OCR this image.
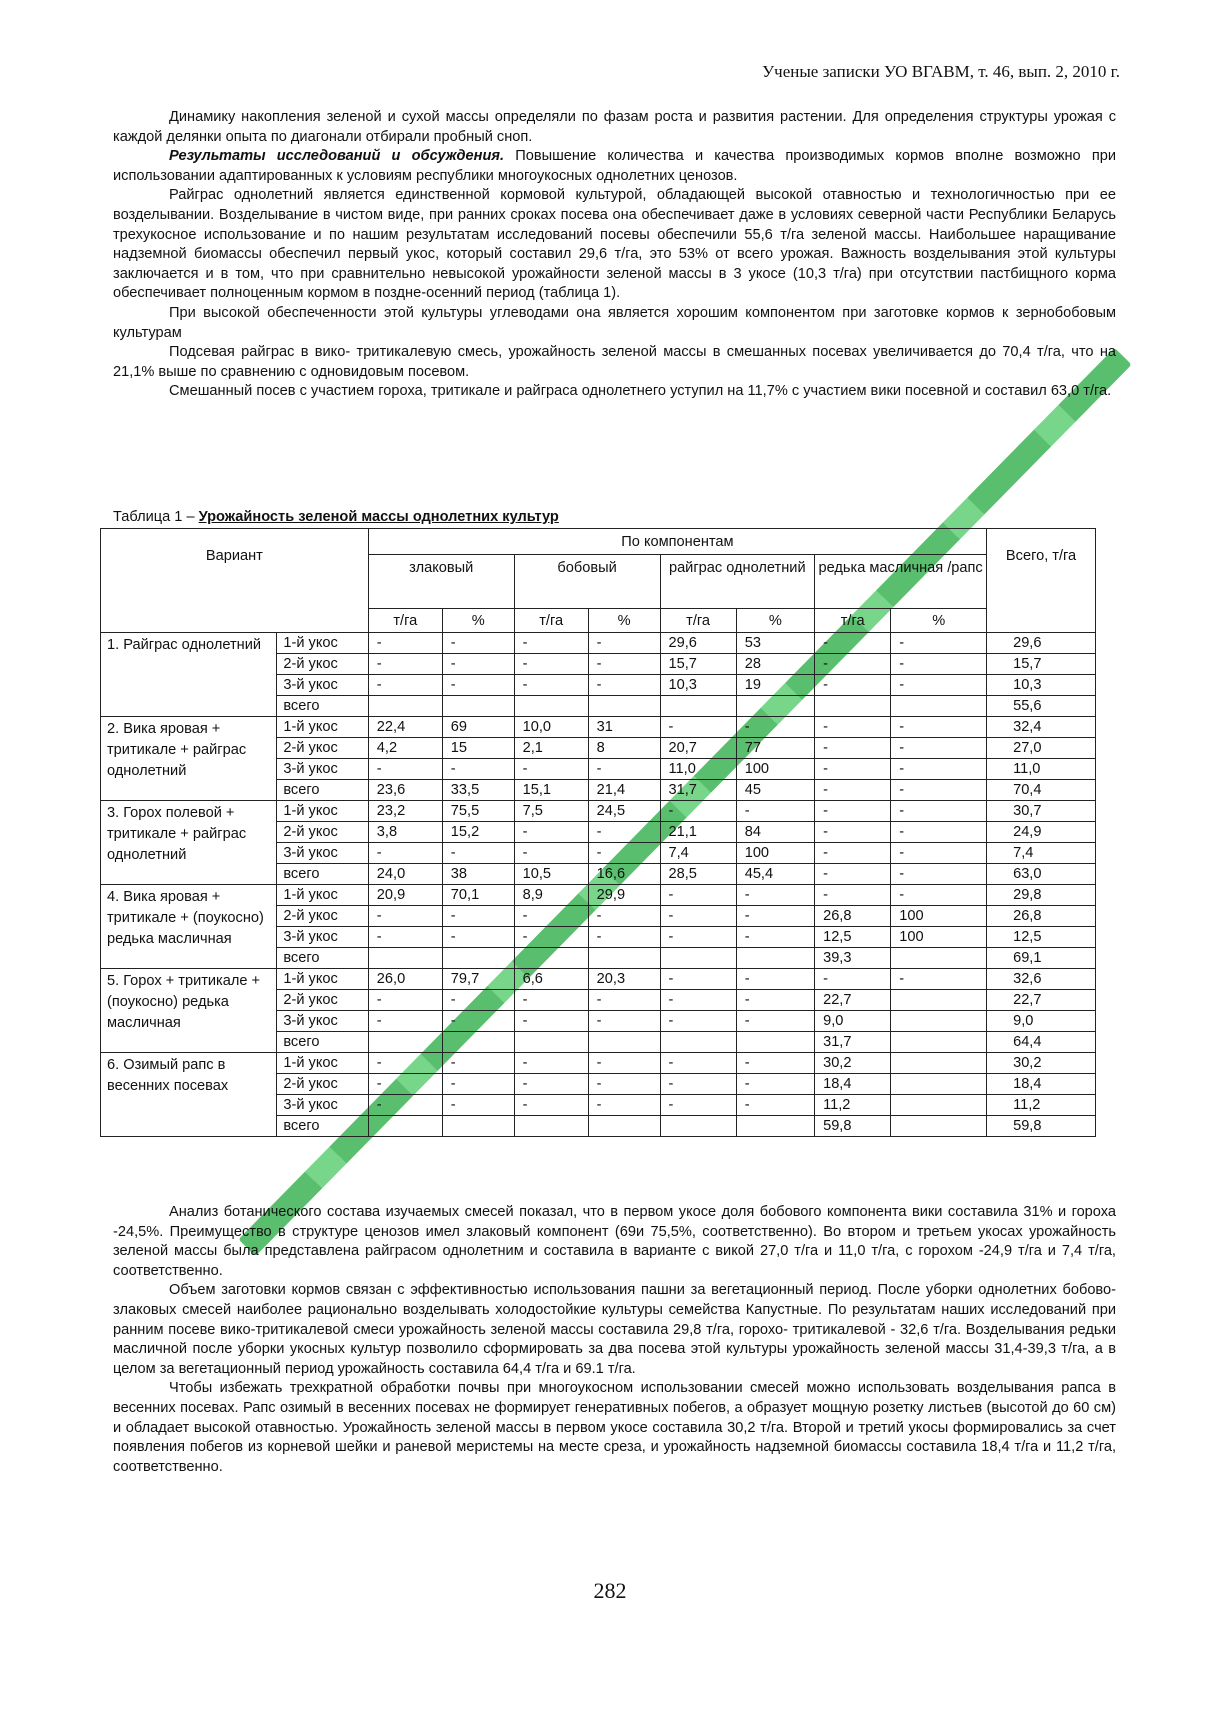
Ученые записки УО ВГАВМ, т. 46, вып. 2, 2010 г.

Динамику накопления зеленой и сухой массы определяли по фазам роста и развития растении. Для определения структуры урожая с каждой делянки опыта по диагонали отбирали пробный сноп.

Результаты исследований и обсуждения. Повышение количества и качества производимых кормов вполне возможно при использовании адаптированных к условиям республики многоукосных однолетних ценозов.

Райграс однолетний является единственной кормовой культурой, обладающей высокой отавностью и технологичностью при ее возделывании. Возделывание в чистом виде, при ранних сроках посева она обеспечивает даже в условиях северной части Республики Беларусь трехукосное использование и по нашим результатам исследований посевы обеспечили 55,6 т/га зеленой массы. Наибольшее наращивание надземной биомассы обеспечил первый укос, который составил 29,6 т/га, это 53% от всего урожая. Важность возделывания этой культуры заключается и в том, что при сравнительно невысокой урожайности зеленой массы в 3 укосе (10,3 т/га) при отсутствии пастбищного корма обеспечивает полноценным кормом в поздне-осенний период (таблица 1).

При высокой обеспеченности этой культуры углеводами она является хорошим компонентом при заготовке кормов к зернобобовым культурам

Подсевая райграс в вико- тритикалевую смесь, урожайность зеленой массы в смешанных посевах увеличивается до 70,4 т/га, что на 21,1% выше по сравнению с одновидовым посевом.

Смешанный посев с участием гороха, тритикале и райграса однолетнего уступил на 11,7% с участием вики посевной и составил 63,0 т/га.

Таблица 1 – Урожайность зеленой массы однолетних культур
Вариант		По компонентам								Всего, т/га
		злаковый		бобовый		райграс однолетний		редька масличная /рапс		
		т/га	%	т/га	%	т/га	%	т/га	%	
1. Райграс однолетний	1-й укос	-	-	-	-	29,6	53	-	-	29,6
	2-й укос	-	-	-	-	15,7	28	-	-	15,7
	3-й укос	-	-	-	-	10,3	19	-	-	10,3
	всего									55,6
2. Вика яровая + тритикале + райграс однолетний	1-й укос	22,4	69	10,0	31	-	-	-	-	32,4
	2-й укос	4,2	15	2,1	8	20,7	77	-	-	27,0
	3-й укос	-	-	-	-	11,0	100	-	-	11,0
	всего	23,6	33,5	15,1	21,4	31,7	45	-	-	70,4
3. Горох полевой + тритикале + райграс однолетний	1-й укос	23,2	75,5	7,5	24,5	-	-	-	-	30,7
	2-й укос	3,8	15,2	-	-	21,1	84	-	-	24,9
	3-й укос	-	-	-	-	7,4	100	-	-	7,4
	всего	24,0	38	10,5	16,6	28,5	45,4	-	-	63,0
4. Вика яровая + тритикале + (поукосно) редька масличная	1-й укос	20,9	70,1	8,9	29,9	-	-	-	-	29,8
	2-й укос	-	-	-	-	-	-	26,8	100	26,8
	3-й укос	-	-	-	-	-	-	12,5	100	12,5
	всего							39,3		69,1
5. Горох + тритикале + (поукосно) редька масличная	1-й укос	26,0	79,7	6,6	20,3	-	-	-	-	32,6
	2-й укос	-	-	-	-	-	-	22,7		22,7
	3-й укос	-	-	-	-	-	-	9,0		9,0
	всего							31,7		64,4
6. Озимый рапс в весенних посевах	1-й укос	-	-	-	-	-	-	30,2		30,2
	2-й укос	-	-	-	-	-	-	18,4		18,4
	3-й укос	-	-	-	-	-	-	11,2		11,2
	всего							59,8		59,8

Анализ ботанического состава изучаемых смесей показал, что в первом укосе доля бобового компонента вики составила 31% и гороха -24,5%. Преимущество в структуре ценозов имел злаковый компонент (69и 75,5%, соответственно). Во втором и третьем укосах урожайность зеленой массы была представлена райграсом однолетним и составила в варианте с викой 27,0 т/га и 11,0 т/га, с горохом -24,9 т/га и 7,4 т/га, соответственно.

Объем заготовки кормов связан с эффективностью использования пашни за вегетационный период. После уборки однолетних бобово-злаковых смесей наиболее рационально возделывать холодостойкие культуры семейства Капустные. По результатам наших исследований при ранним посеве вико-тритикалевой смеси урожайность зеленой массы составила 29,8 т/га, горохо- тритикалевой - 32,6 т/га. Возделывания редьки масличной после уборки укосных культур позволило сформировать за два посева этой культуры урожайность зеленой массы 31,4-39,3 т/га, а в целом за вегетационный период урожайность составила 64,4 т/га и 69.1 т/га.

Чтобы избежать трехкратной обработки почвы при многоукосном использовании смесей можно использовать возделывания рапса в весенних посевах. Рапс озимый в весенних посевах не формирует генеративных побегов, а образует мощную розетку листьев (высотой до 60 см) и обладает высокой отавностью. Урожайность зеленой массы в первом укосе составила 30,2 т/га. Второй и третий укосы формировались за счет появления побегов из корневой шейки и раневой меристемы на месте среза, и урожайность надземной биомассы составила 18,4 т/га и 11,2 т/га, соответственно.

282
